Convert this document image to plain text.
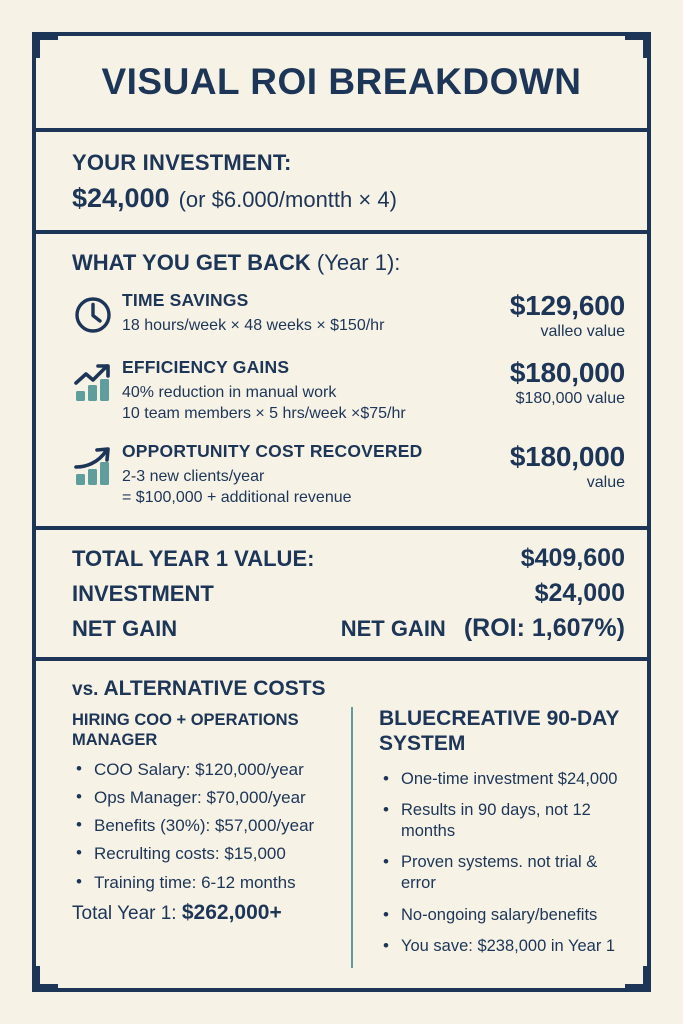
VISUAL ROI BREAKDOWN
YOUR INVESTMENT:
$24,000 (or $6.000/montth × 4)
WHAT YOU GET BACK (Year 1):
TIME SAVINGS
18 hours/week × 48 weeks × $150/hr
$129,600
valleo value
EFFICIENCY GAINS
40% reduction in manual work
10 team members × 5 hrs/week ×$75/hr
$180,000
$180,000 value
OPPORTUNITY COST RECOVERED
2-3 new clients/year
= $100,000 + additional revenue
$180,000
value
TOTAL YEAR 1 VALUE:	$409,600
INVESTMENT	$24,000
NET GAIN	NET GAIN (ROI: 1,607%)
vs. ALTERNATIVE COSTS
HIRING COO + OPERATIONS MANAGER
• COO Salary: $120,000/year
• Ops Manager: $70,000/year
• Benefits (30%): $57,000/year
• Recrulting costs: $15,000
• Training time: 6-12 months
Total Year 1: $262,000+
BLUECREATIVE 90-DAY SYSTEM
• One-time investment $24,000
• Results in 90 days, not 12 months
• Proven systems. not trial & error
• No-ongoing salary/benefits
• You save: $238,000 in Year 1
